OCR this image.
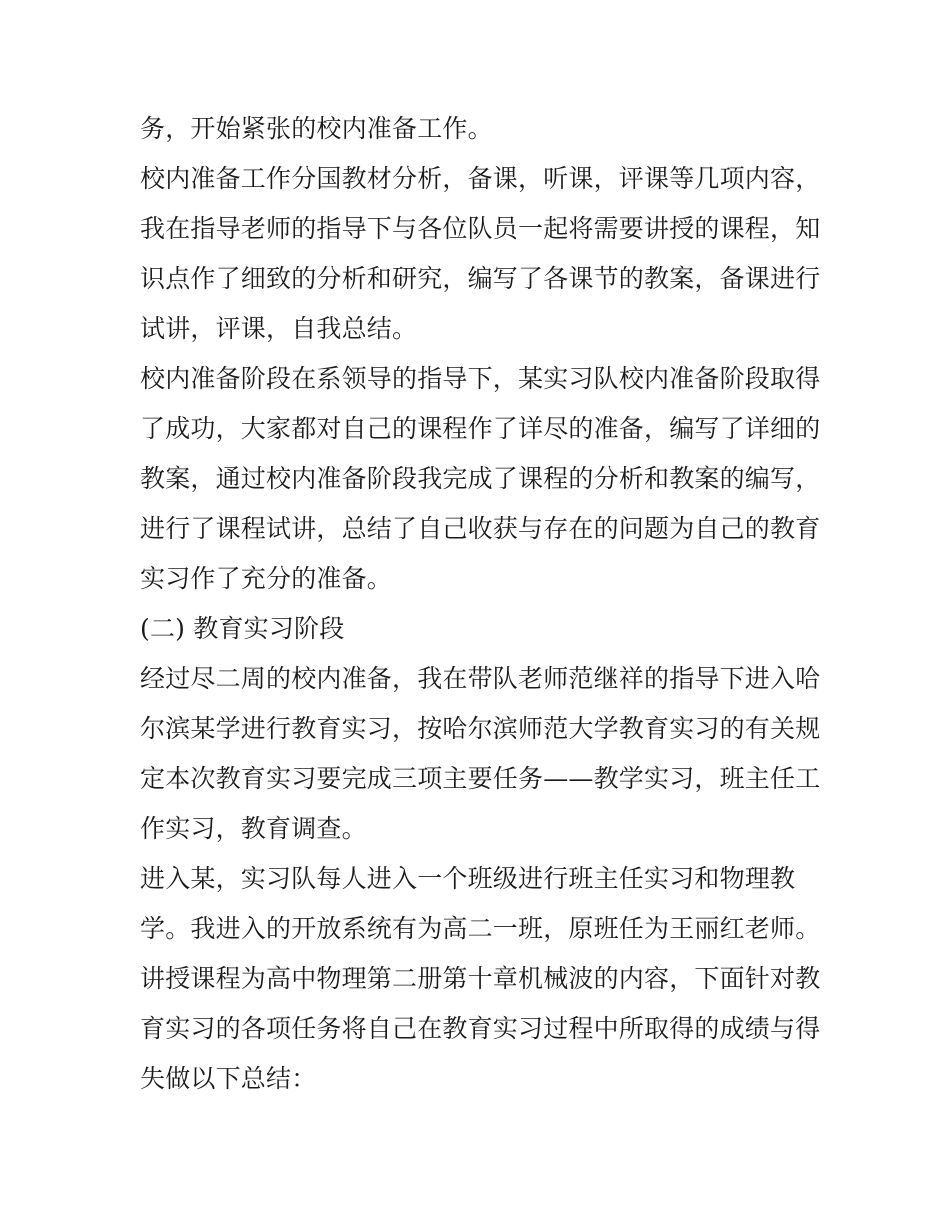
务，开始紧张的校内准备工作。
校内准备工作分国教材分析，备课，听课，评课等几项内容，
我在指导老师的指导下与各位队员一起将需要讲授的课程，知
识点作了细致的分析和研究，编写了各课节的教案，备课进行
试讲，评课，自我总结。
校内准备阶段在系领导的指导下，某实习队校内准备阶段取得
了成功，大家都对自己的课程作了详尽的准备，编写了详细的
教案，通过校内准备阶段我完成了课程的分析和教案的编写，
进行了课程试讲，总结了自己收获与存在的问题为自己的教育
实习作了充分的准备。
(二) 教育实习阶段
经过尽二周的校内准备，我在带队老师范继祥的指导下进入哈
尔滨某学进行教育实习，按哈尔滨师范大学教育实习的有关规
定本次教育实习要完成三项主要任务——教学实习，班主任工
作实习，教育调查。
进入某，实习队每人进入一个班级进行班主任实习和物理教
学。我进入的开放系统有为高二一班，原班任为王丽红老师。
讲授课程为高中物理第二册第十章机械波的内容，下面针对教
育实习的各项任务将自己在教育实习过程中所取得的成绩与得
失做以下总结：
